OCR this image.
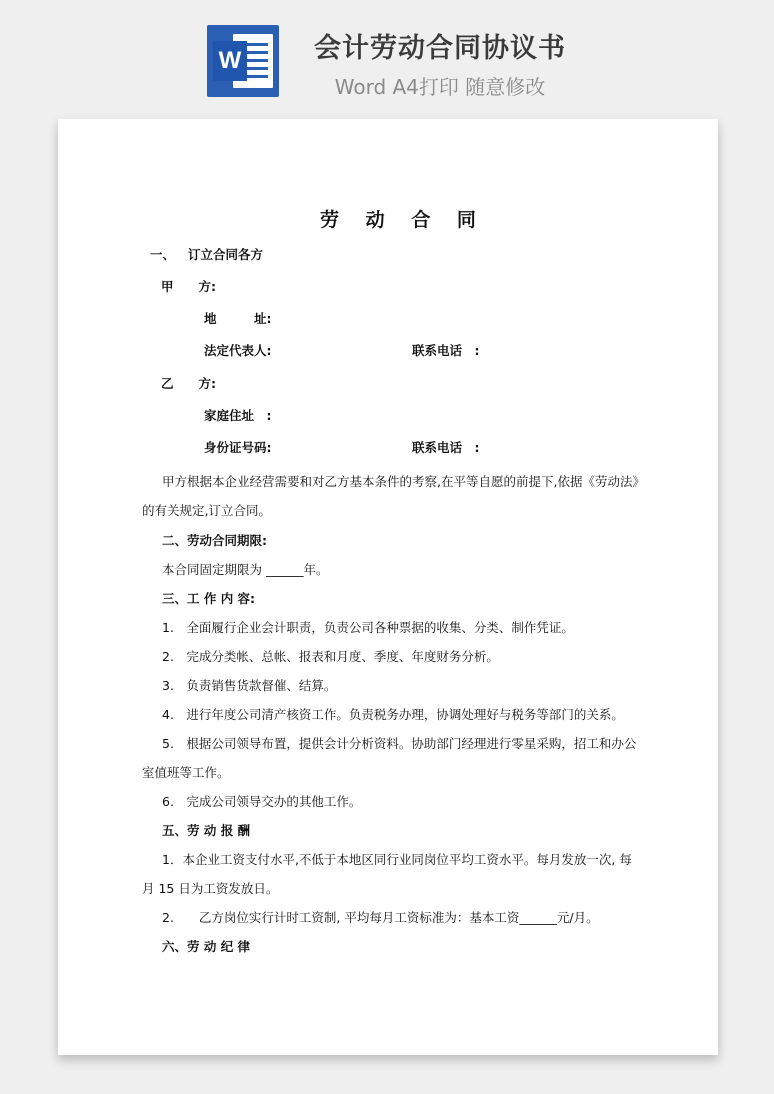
W	会计劳动合同协议书
Word A4打印 随意修改

劳 动 合 同
一、 订立合同各方
甲　　方:
地　　　址:
法定代表人:	联系电话　:
乙　　方:
家庭住址　:
身份证号码:	联系电话　:
甲方根据本企业经营需要和对乙方基本条件的考察,在平等自愿的前提下,依据《劳动法》
的有关规定,订立合同。
二、劳动合同期限:
本合同固定期限为 ______年。
三、工 作 内 容:
1.　全面履行企业会计职责，负责公司各种票据的收集、分类、制作凭证。
2.　完成分类帐、总帐、报表和月度、季度、年度财务分析。
3.　负责销售货款督催、结算。
4.　进行年度公司清产核资工作。负责税务办理，协调处理好与税务等部门的关系。
5.　根据公司领导布置，提供会计分析资料。协助部门经理进行零星采购，招工和办公
室值班等工作。
6.　完成公司领导交办的其他工作。
五、劳 动 报 酬
1．本企业工资支付水平,不低于本地区同行业同岗位平均工资水平。每月发放一次, 每
月 15 日为工资发放日。
2.　　乙方岗位实行计时工资制, 平均每月工资标准为：基本工资______元/月。
六、劳 动 纪 律
